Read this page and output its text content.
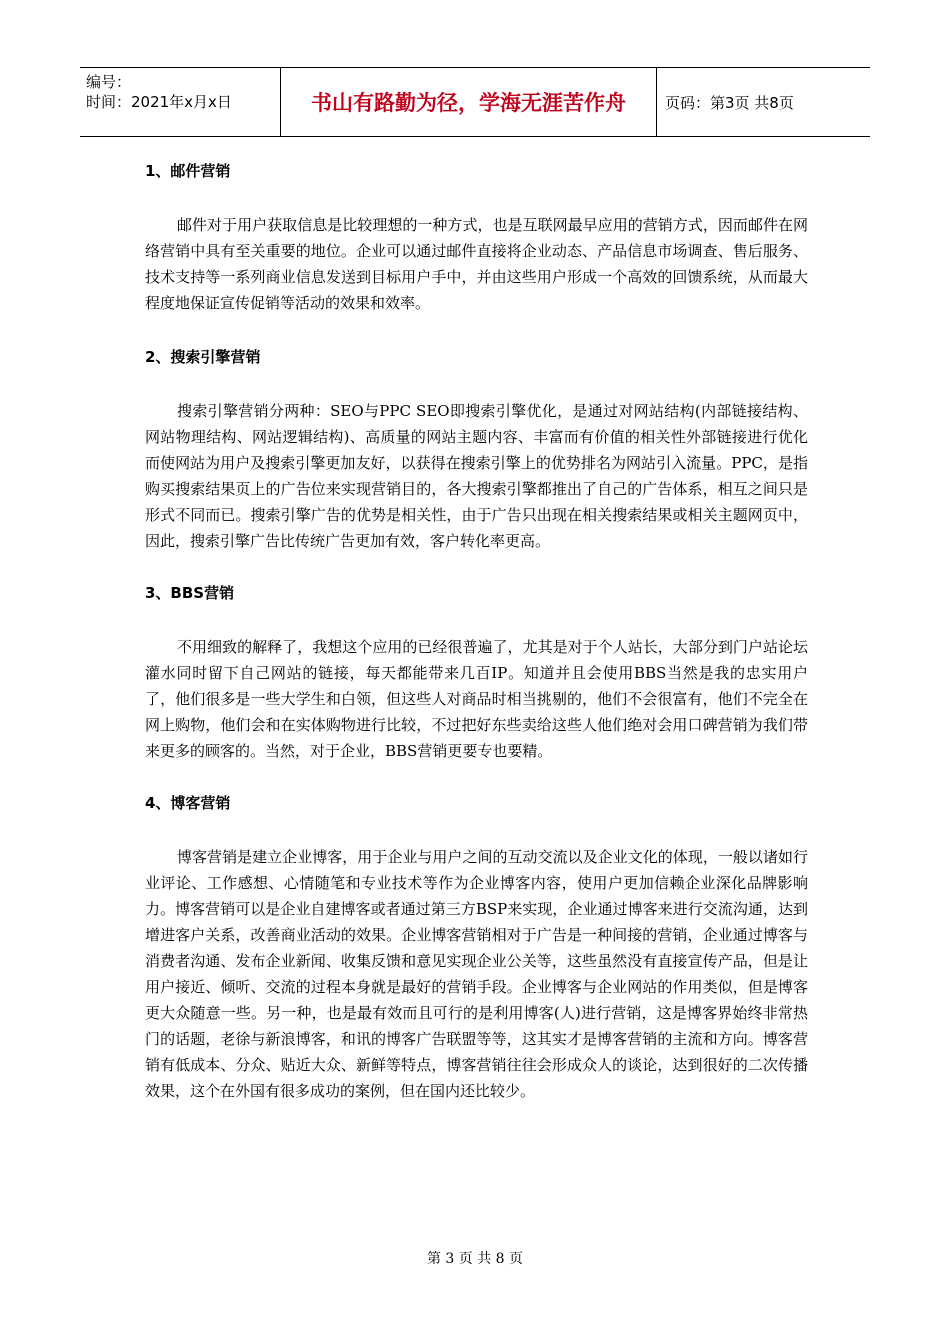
编号：
时间：2021年x月x日	书山有路勤为径，学海无涯苦作舟	页码：第3页 共8页
1、邮件营销
邮件对于用户获取信息是比较理想的一种方式，也是互联网最早应用的营销方式，因而邮件在网络营销中具有至关重要的地位。企业可以通过邮件直接将企业动态、产品信息市场调查、售后服务、技术支持等一系列商业信息发送到目标用户手中，并由这些用户形成一个高效的回馈系统，从而最大程度地保证宣传促销等活动的效果和效率。
2、搜索引擎营销
搜索引擎营销分两种：SEO与PPC SEO即搜索引擎优化，是通过对网站结构(内部链接结构、网站物理结构、网站逻辑结构)、高质量的网站主题内容、丰富而有价值的相关性外部链接进行优化而使网站为用户及搜索引擎更加友好，以获得在搜索引擎上的优势排名为网站引入流量。PPC，是指购买搜索结果页上的广告位来实现营销目的，各大搜索引擎都推出了自己的广告体系，相互之间只是形式不同而已。搜索引擎广告的优势是相关性，由于广告只出现在相关搜索结果或相关主题网页中，因此，搜索引擎广告比传统广告更加有效，客户转化率更高。
3、BBS营销
不用细致的解释了，我想这个应用的已经很普遍了，尤其是对于个人站长，大部分到门户站论坛灌水同时留下自己网站的链接，每天都能带来几百IP。知道并且会使用BBS当然是我的忠实用户了，他们很多是一些大学生和白领，但这些人对商品时相当挑剔的，他们不会很富有，他们不完全在网上购物，他们会和在实体购物进行比较，不过把好东些卖给这些人他们绝对会用口碑营销为我们带来更多的顾客的。当然，对于企业，BBS营销更要专也要精。
4、博客营销
博客营销是建立企业博客，用于企业与用户之间的互动交流以及企业文化的体现，一般以诸如行业评论、工作感想、心情随笔和专业技术等作为企业博客内容，使用户更加信赖企业深化品牌影响力。博客营销可以是企业自建博客或者通过第三方BSP来实现，企业通过博客来进行交流沟通，达到增进客户关系，改善商业活动的效果。企业博客营销相对于广告是一种间接的营销，企业通过博客与消费者沟通、发布企业新闻、收集反馈和意见实现企业公关等，这些虽然没有直接宣传产品，但是让用户接近、倾听、交流的过程本身就是最好的营销手段。企业博客与企业网站的作用类似，但是博客更大众随意一些。另一种，也是最有效而且可行的是利用博客(人)进行营销，这是博客界始终非常热门的话题，老徐与新浪博客，和讯的博客广告联盟等等，这其实才是博客营销的主流和方向。博客营销有低成本、分众、贴近大众、新鲜等特点，博客营销往往会形成众人的谈论，达到很好的二次传播效果，这个在外国有很多成功的案例，但在国内还比较少。
第 3 页 共 8 页
